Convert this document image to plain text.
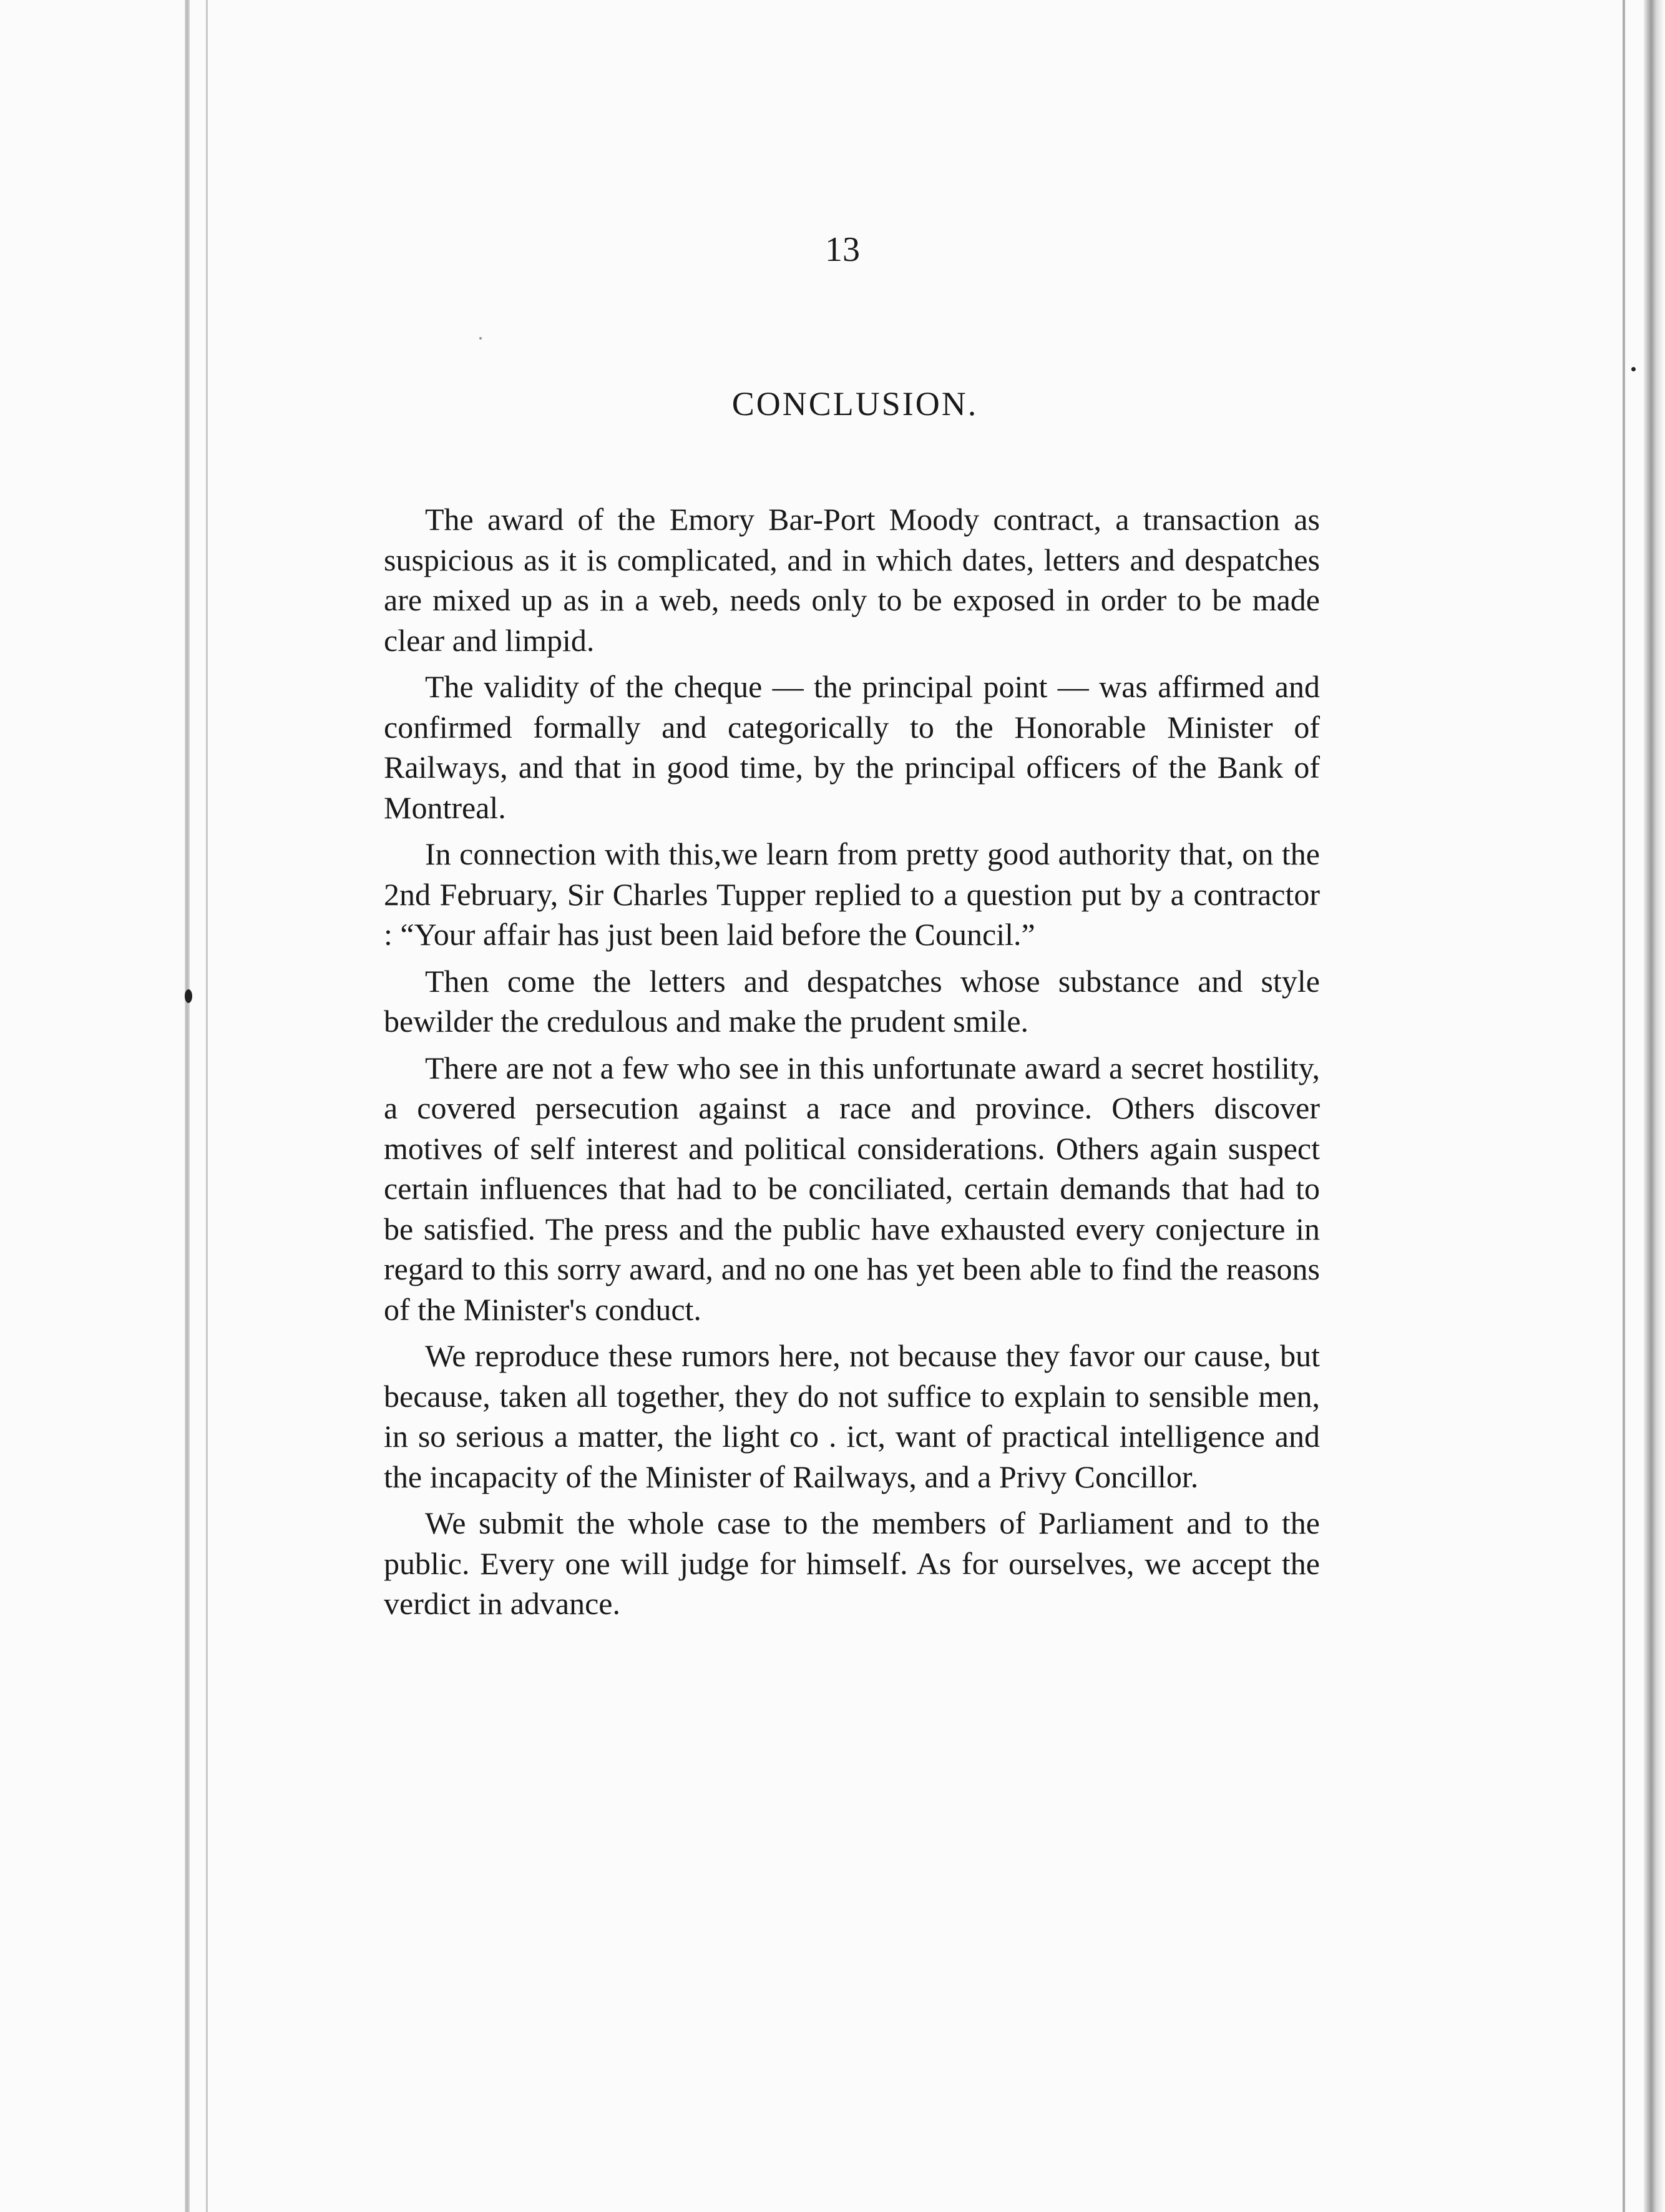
13
CONCLUSION.

The award of the Emory Bar-Port Moody contract, a transaction as suspicious as it is complicated, and in which dates, letters and despatches are mixed up as in a web, needs only to be exposed in order to be made clear and limpid.

The validity of the cheque — the principal point — was affirmed and confirmed formally and categorically to the Honorable Minister of Railways, and that in good time, by the principal officers of the Bank of Montreal.

In connection with this,we learn from pretty good authority that, on the 2nd February, Sir Charles Tupper replied to a question put by a contractor : “Your affair has just been laid before the Council.”

Then come the letters and despatches whose substance and style bewilder the credulous and make the prudent smile.

There are not a few who see in this unfortunate award a secret hostility, a covered persecution against a race and province. Others discover motives of self interest and political considerations. Others again suspect certain influences that had to be conciliated, certain demands that had to be satisfied. The press and the public have exhausted every conjecture in regard to this sorry award, and no one has yet been able to find the reasons of the Minister's conduct.

We reproduce these rumors here, not because they favor our cause, but because, taken all together, they do not suffice to explain to sensible men, in so serious a matter, the light co . ict, want of practical intelligence and the incapacity of the Minister of Railways, and a Privy Concillor.

We submit the whole case to the members of Parliament and to the public. Every one will judge for himself. As for ourselves, we accept the verdict in advance.
